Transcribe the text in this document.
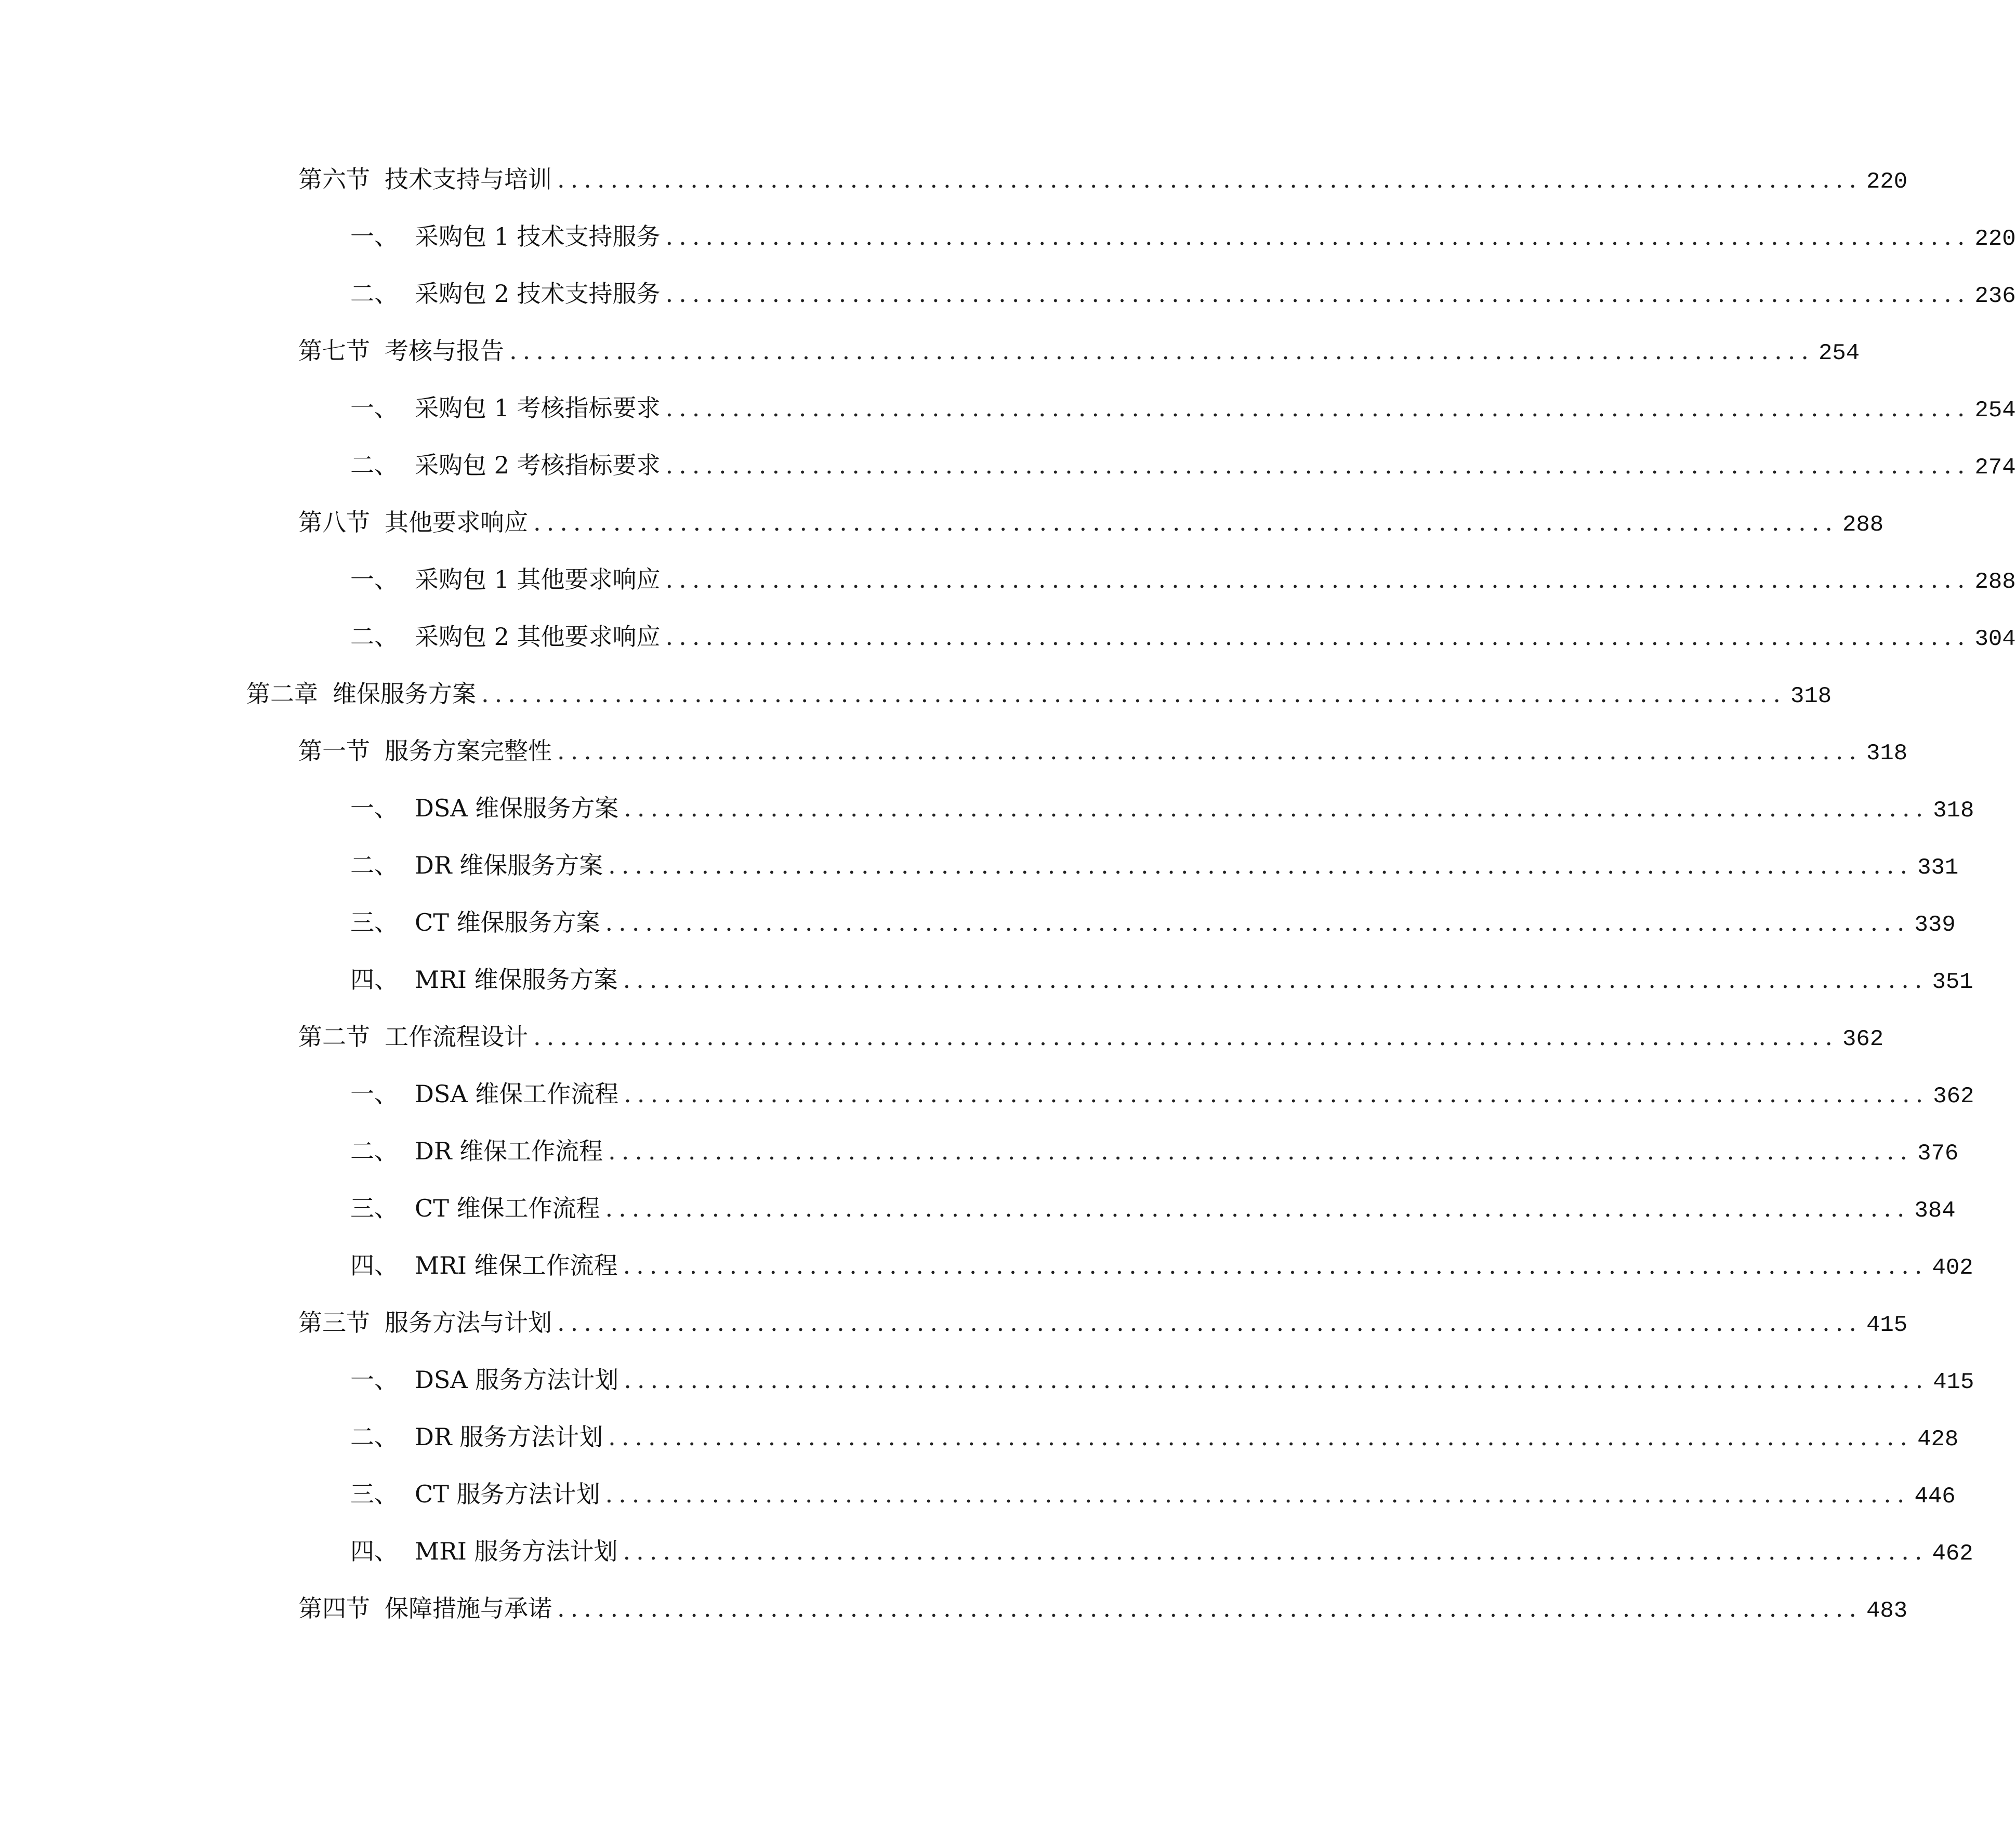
第六节 技术支持与培训 .................................................................................................. 220
一、 采购包 1 技术支持服务 .................................................................................................. 220
二、 采购包 2 技术支持服务 .................................................................................................. 236
第七节 考核与报告 .................................................................................................. 254
一、 采购包 1 考核指标要求 .................................................................................................. 254
二、 采购包 2 考核指标要求 .................................................................................................. 274
第八节 其他要求响应 .................................................................................................. 288
一、 采购包 1 其他要求响应 .................................................................................................. 288
二、 采购包 2 其他要求响应 .................................................................................................. 304
第二章 维保服务方案 .................................................................................................. 318
第一节 服务方案完整性 .................................................................................................. 318
一、 DSA 维保服务方案 .................................................................................................. 318
二、 DR 维保服务方案 .................................................................................................. 331
三、 CT 维保服务方案 .................................................................................................. 339
四、 MRI 维保服务方案 .................................................................................................. 351
第二节 工作流程设计 .................................................................................................. 362
一、 DSA 维保工作流程 .................................................................................................. 362
二、 DR 维保工作流程 .................................................................................................. 376
三、 CT 维保工作流程 .................................................................................................. 384
四、 MRI 维保工作流程 .................................................................................................. 402
第三节 服务方法与计划 .................................................................................................. 415
一、 DSA 服务方法计划 .................................................................................................. 415
二、 DR 服务方法计划 .................................................................................................. 428
三、 CT 服务方法计划 .................................................................................................. 446
四、 MRI 服务方法计划 .................................................................................................. 462
第四节 保障措施与承诺 .................................................................................................. 483
